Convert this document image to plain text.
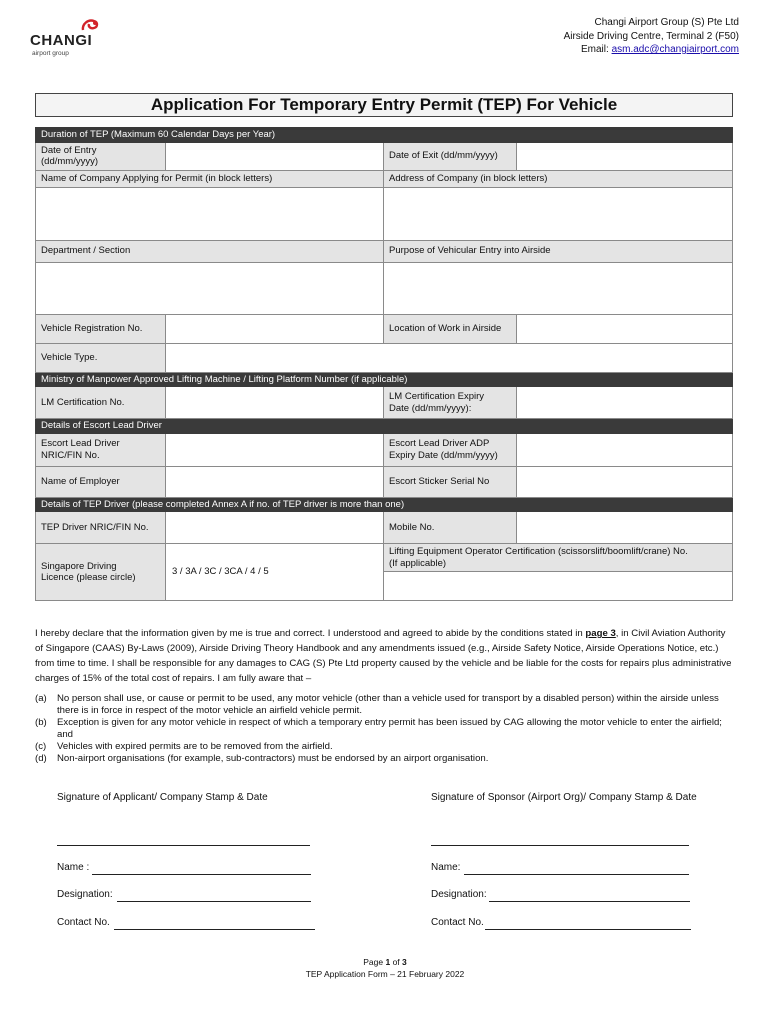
CHANGI
airport group
Changi Airport Group (S) Pte Ltd
Airside Driving Centre, Terminal 2 (F50)
Email: asm.adc@changiairport.com
Application For Temporary Entry Permit (TEP) For Vehicle
Duration of TEP (Maximum 60 Calendar Days per Year)			
Date of Entry
(dd/mm/yyyy)		Date of Exit (dd/mm/yyyy)	
Name of Company Applying for Permit (in block letters)		Address of Company (in block letters)	

Department / Section		Purpose of Vehicular Entry into Airside	

Vehicle Registration No.		Location of Work in Airside	
Vehicle Type.			
Ministry of Manpower Approved Lifting Machine / Lifting Platform Number (if applicable)			
LM Certification No.		LM Certification Expiry
Date (dd/mm/yyyy):	
Details of Escort Lead Driver			
Escort Lead Driver
NRIC/FIN No.		Escort Lead Driver ADP
Expiry Date (dd/mm/yyyy)	
Name of Employer		Escort Sticker Serial No	
Details of TEP Driver (please completed Annex A if no. of TEP driver is more than one)			
TEP Driver NRIC/FIN No.		Mobile No.	
Singapore Driving
Licence (please circle)	3 / 3A / 3C / 3CA / 4 / 5	Lifting Equipment Operator Certification (scissorslift/boomlift/crane) No.
(If applicable)	

I hereby declare that the information given by me is true and correct. I understood and agreed to abide by the conditions stated in page 3, in Civil Aviation Authority of Singapore (CAAS) By-Laws (2009), Airside Driving Theory Handbook and any amendments issued (e.g., Airside Safety Notice, Airside Operations Notice, etc.) from time to time. I shall be responsible for any damages to CAG (S) Pte Ltd property caused by the vehicle and be liable for the costs for repairs plus administrative charges of 15% of the total cost of repairs. I am fully aware that –
(a) No person shall use, or cause or permit to be used, any motor vehicle (other than a vehicle used for transport by a disabled person) within the airside unless there is in force in respect of the motor vehicle an airfield vehicle permit.
(b) Exception is given for any motor vehicle in respect of which a temporary entry permit has been issued by CAG allowing the motor vehicle to enter the airfield; and
(c) Vehicles with expired permits are to be removed from the airfield.
(d) Non-airport organisations (for example, sub-contractors) must be endorsed by an airport organisation.
Signature of Applicant/ Company Stamp & Date	Signature of Sponsor (Airport Org)/ Company Stamp & Date
Name :	Name:
Designation:	Designation:
Contact No.	Contact No.
Page 1 of 3
TEP Application Form – 21 February 2022
